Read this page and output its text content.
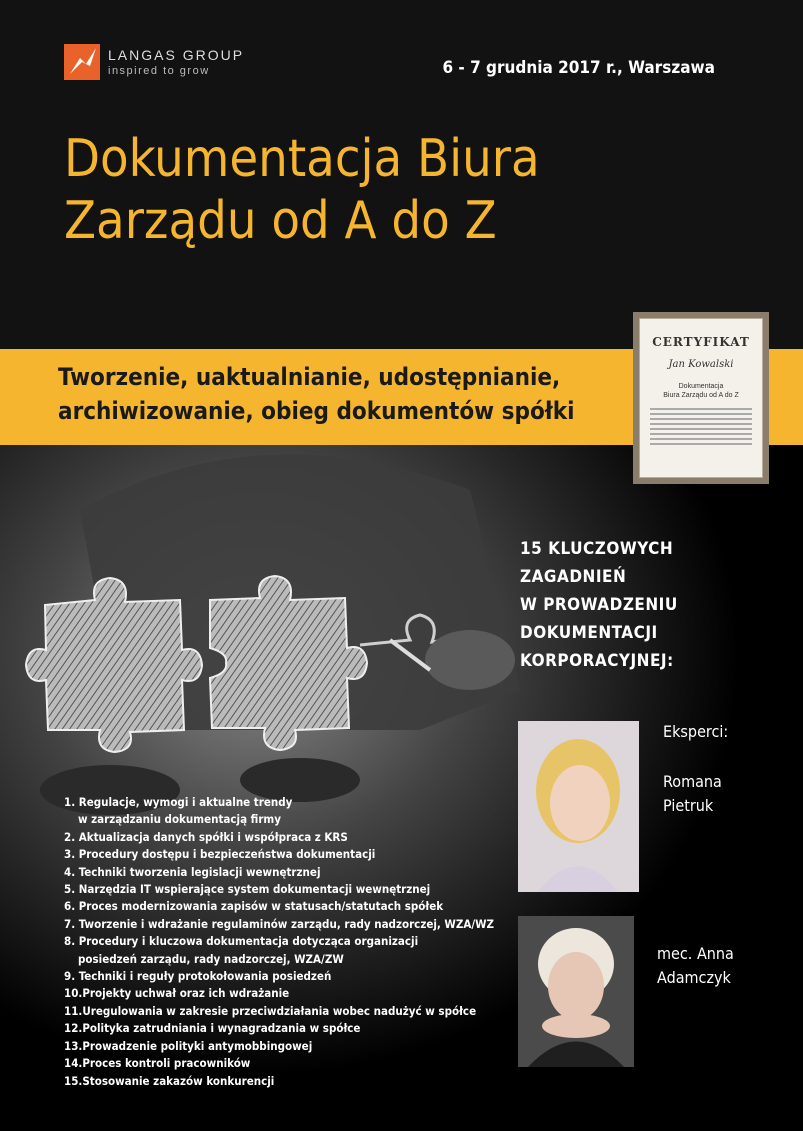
LANGAS GROUP
inspired to grow	6 - 7 grudnia 2017 r., Warszawa
Dokumentacja Biura
Zarządu od A do Z
Tworzenie, uaktualnianie, udostępnianie,
archiwizowanie, obieg dokumentów spółki
CERTYFIKAT
Jan Kowalski
Dokumentacja
Biura Zarządu od A do Z
15 KLUCZOWYCH
ZAGADNIEŃ
W PROWADZENIU
DOKUMENTACJI
KORPORACYJNEJ:
Eksperci:
Romana
Pietruk
mec. Anna
Adamczyk
1. Regulacje, wymogi i aktualne trendy
w zarządzaniu dokumentacją firmy
2. Aktualizacja danych spółki i współpraca z KRS
3. Procedury dostępu i bezpieczeństwa dokumentacji
4. Techniki tworzenia legislacji wewnętrznej
5. Narzędzia IT wspierające system dokumentacji wewnętrznej
6. Proces modernizowania zapisów w statusach/statutach spółek
7. Tworzenie i wdrażanie regulaminów zarządu, rady nadzorczej, WZA/WZ
8. Procedury i kluczowa dokumentacja dotycząca organizacji
posiedzeń zarządu, rady nadzorczej, WZA/ZW
9. Techniki i reguły protokołowania posiedzeń
10.Projekty uchwał oraz ich wdrażanie
11.Uregulowania w zakresie przeciwdziałania wobec nadużyć w spółce
12.Polityka zatrudniania i wynagradzania w spółce
13.Prowadzenie polityki antymobbingowej
14.Proces kontroli pracowników
15.Stosowanie zakazów konkurencji
